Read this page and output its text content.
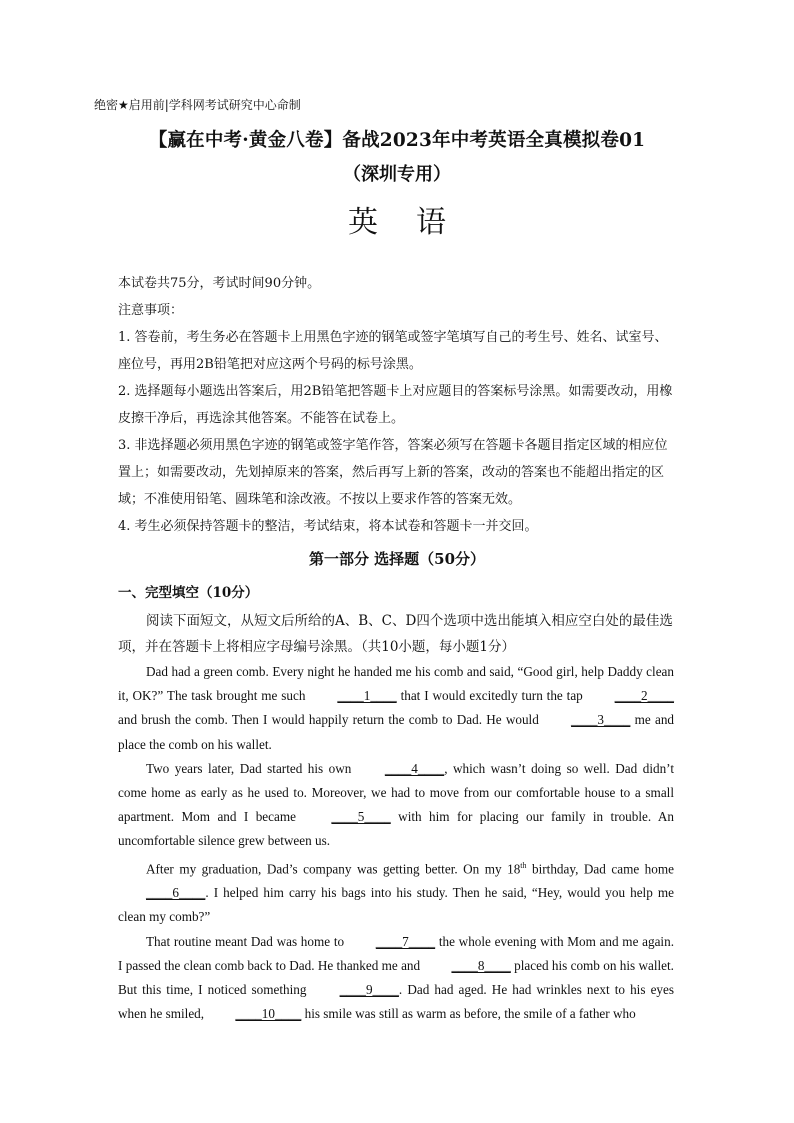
绝密★启用前|学科网考试研究中心命制
【赢在中考·黄金八卷】备战2023年中考英语全真模拟卷01
（深圳专用）
英语

本试卷共75分，考试时间90分钟。

注意事项：

1. 答卷前，考生务必在答题卡上用黑色字迹的钢笔或签字笔填写自己的考生号、姓名、试室号、座位号，再用2B铅笔把对应这两个号码的标号涂黑。

2. 选择题每小题选出答案后，用2B铅笔把答题卡上对应题目的答案标号涂黑。如需要改动，用橡皮擦干净后，再选涂其他答案。不能答在试卷上。

3. 非选择题必须用黑色字迹的钢笔或签字笔作答，答案必须写在答题卡各题目指定区域的相应位置上；如需要改动，先划掉原来的答案，然后再写上新的答案，改动的答案也不能超出指定的区域；不准使用铅笔、圆珠笔和涂改液。不按以上要求作答的答案无效。

4. 考生必须保持答题卡的整洁，考试结束，将本试卷和答题卡一并交回。

第一部分 选择题（50分）
一、完型填空（10分）

阅读下面短文，从短文后所给的A、B、C、D四个选项中选出能填入相应空白处的最佳选项，并在答题卡上将相应字母编号涂黑。（共10小题，每小题1分）

Dad had a green comb. Every night he handed me his comb and said, “Good girl, help Daddy clean it, OK?” The task brought me such ____1____ that I would excitedly turn the tap ____2____ and brush the comb. Then I would happily return the comb to Dad. He would ____3____ me and place the comb on his wallet.

Two years later, Dad started his own ____4____, which wasn’t doing so well. Dad didn’t come home as early as he used to. Moreover, we had to move from our comfortable house to a small apartment. Mom and I became ____5____ with him for placing our family in trouble. An uncomfortable silence grew between us.

After my graduation, Dad’s company was getting better. On my 18th birthday, Dad came home ____6____. I helped him carry his bags into his study. Then he said, “Hey, would you help me clean my comb?”

That routine meant Dad was home to ____7____ the whole evening with Mom and me again. I passed the clean comb back to Dad. He thanked me and ____8____ placed his comb on his wallet. But this time, I noticed something ____9____. Dad had aged. He had wrinkles next to his eyes when he smiled, ____10____ his smile was still as warm as before, the smile of a father who
